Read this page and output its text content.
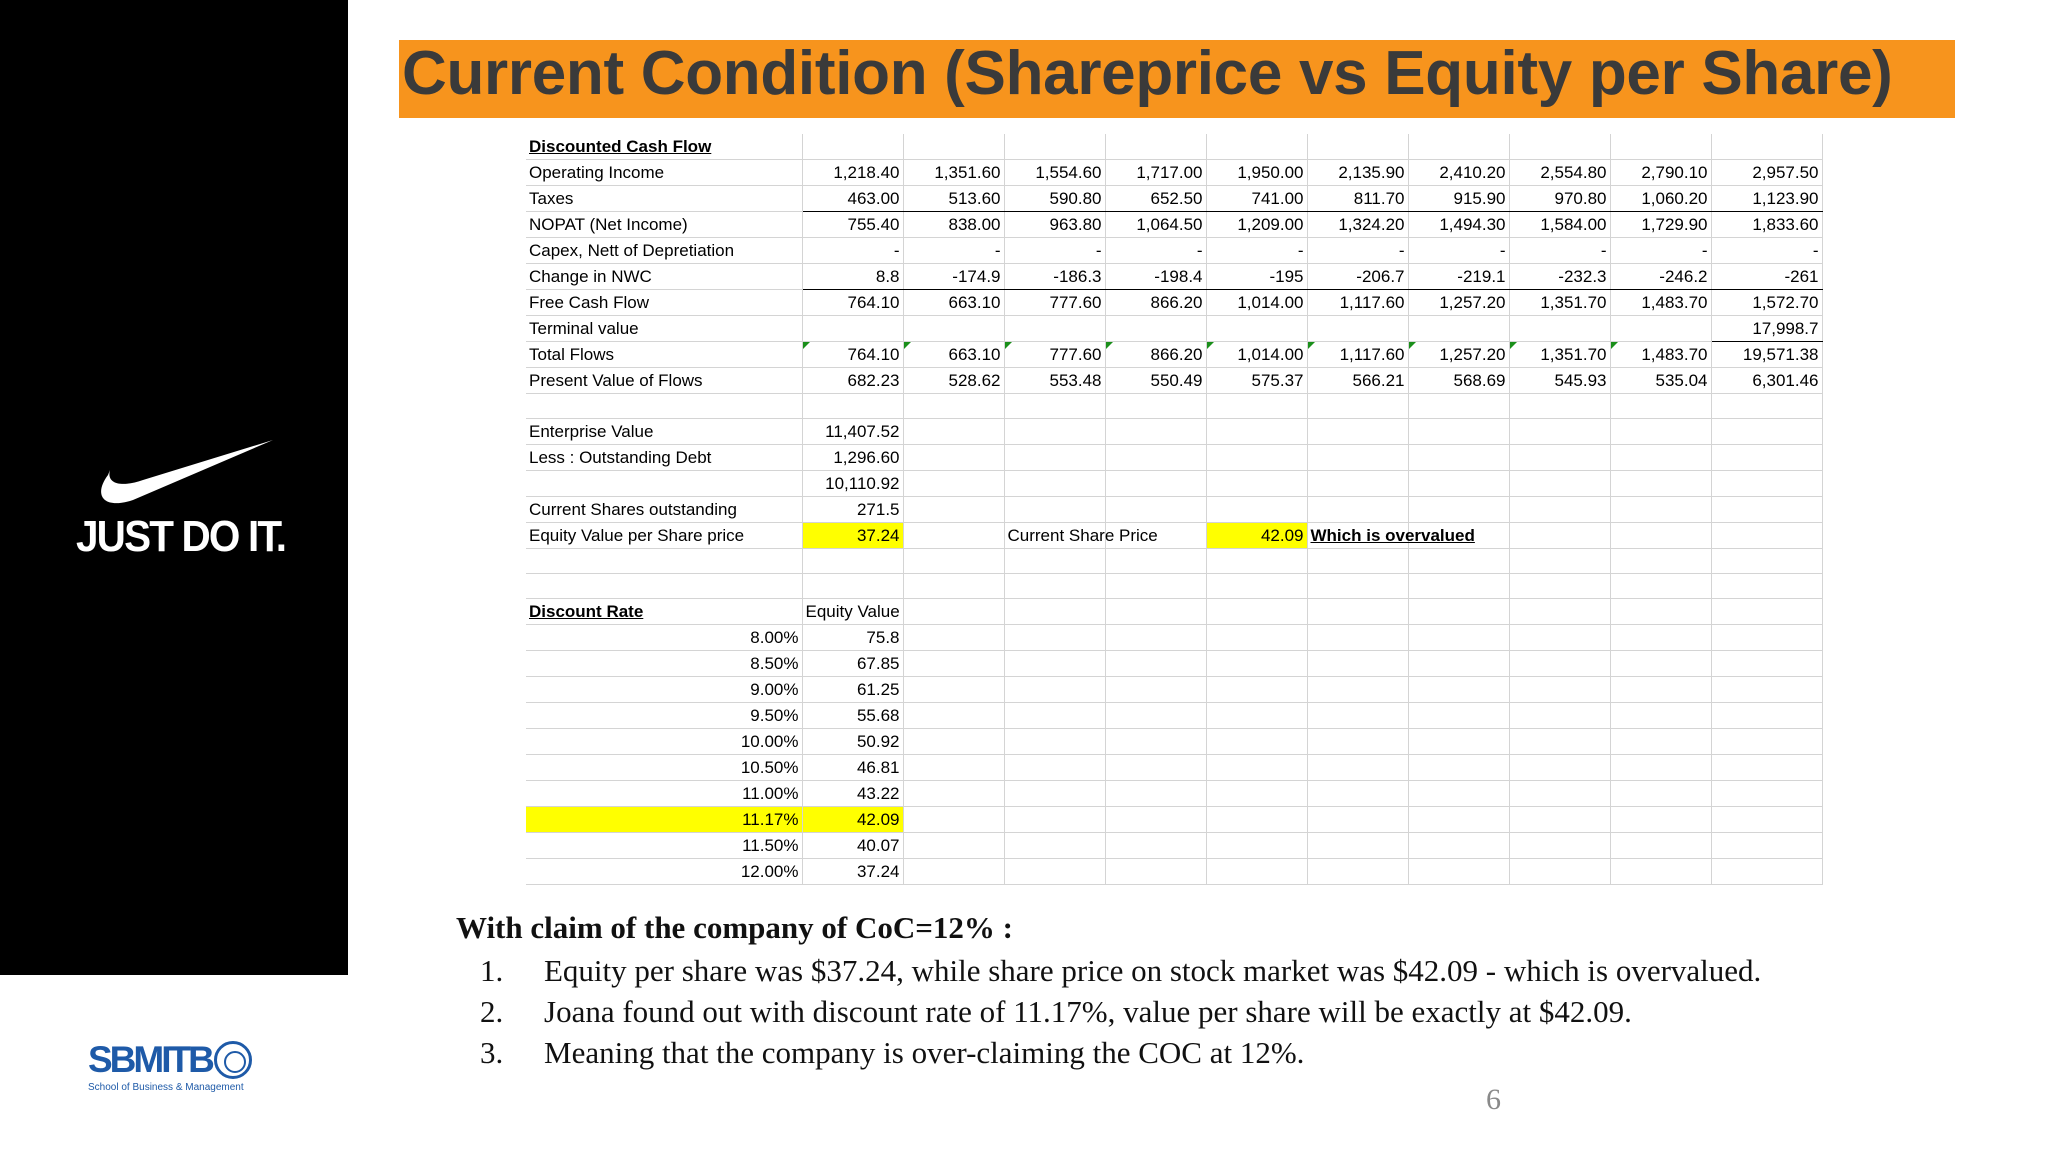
JUST DO IT.
Current Condition (Shareprice vs Equity per Share)
Discounted Cash Flow										
Operating Income	1,218.40	1,351.60	1,554.60	1,717.00	1,950.00	2,135.90	2,410.20	2,554.80	2,790.10	2,957.50
Taxes	463.00	513.60	590.80	652.50	741.00	811.70	915.90	970.80	1,060.20	1,123.90
NOPAT (Net Income)	755.40	838.00	963.80	1,064.50	1,209.00	1,324.20	1,494.30	1,584.00	1,729.90	1,833.60
Capex, Nett of Depretiation	-	-	-	-	-	-	-	-	-	-
Change in NWC	8.8	-174.9	-186.3	-198.4	-195	-206.7	-219.1	-232.3	-246.2	-261
Free Cash Flow	764.10	663.10	777.60	866.20	1,014.00	1,117.60	1,257.20	1,351.70	1,483.70	1,572.70
Terminal value										17,998.7
Total Flows	764.10	663.10	777.60	866.20	1,014.00	1,117.60	1,257.20	1,351.70	1,483.70	19,571.38
Present Value of Flows	682.23	528.62	553.48	550.49	575.37	566.21	568.69	545.93	535.04	6,301.46

Enterprise Value	11,407.52									
Less : Outstanding Debt	1,296.60									
	10,110.92									
Current Shares outstanding	271.5									
Equity Value per Share price	37.24		Current Share Price		42.09	Which is overvalued				

Discount Rate	Equity Value									
8.00%	75.8									
8.50%	67.85									
9.00%	61.25									
9.50%	55.68									
10.00%	50.92									
10.50%	46.81									
11.00%	43.22									
11.17%	42.09									
11.50%	40.07									
12.00%	37.24									
With claim of the company of CoC=12% :
1.	Equity per share was $37.24, while share price on stock market was $42.09 - which is overvalued.
2.	Joana found out with discount rate of 11.17%, value per share will be exactly at $42.09.
3.	Meaning that the company is over-claiming the COC at 12%.
6
SBMITB
School of Business & Management
